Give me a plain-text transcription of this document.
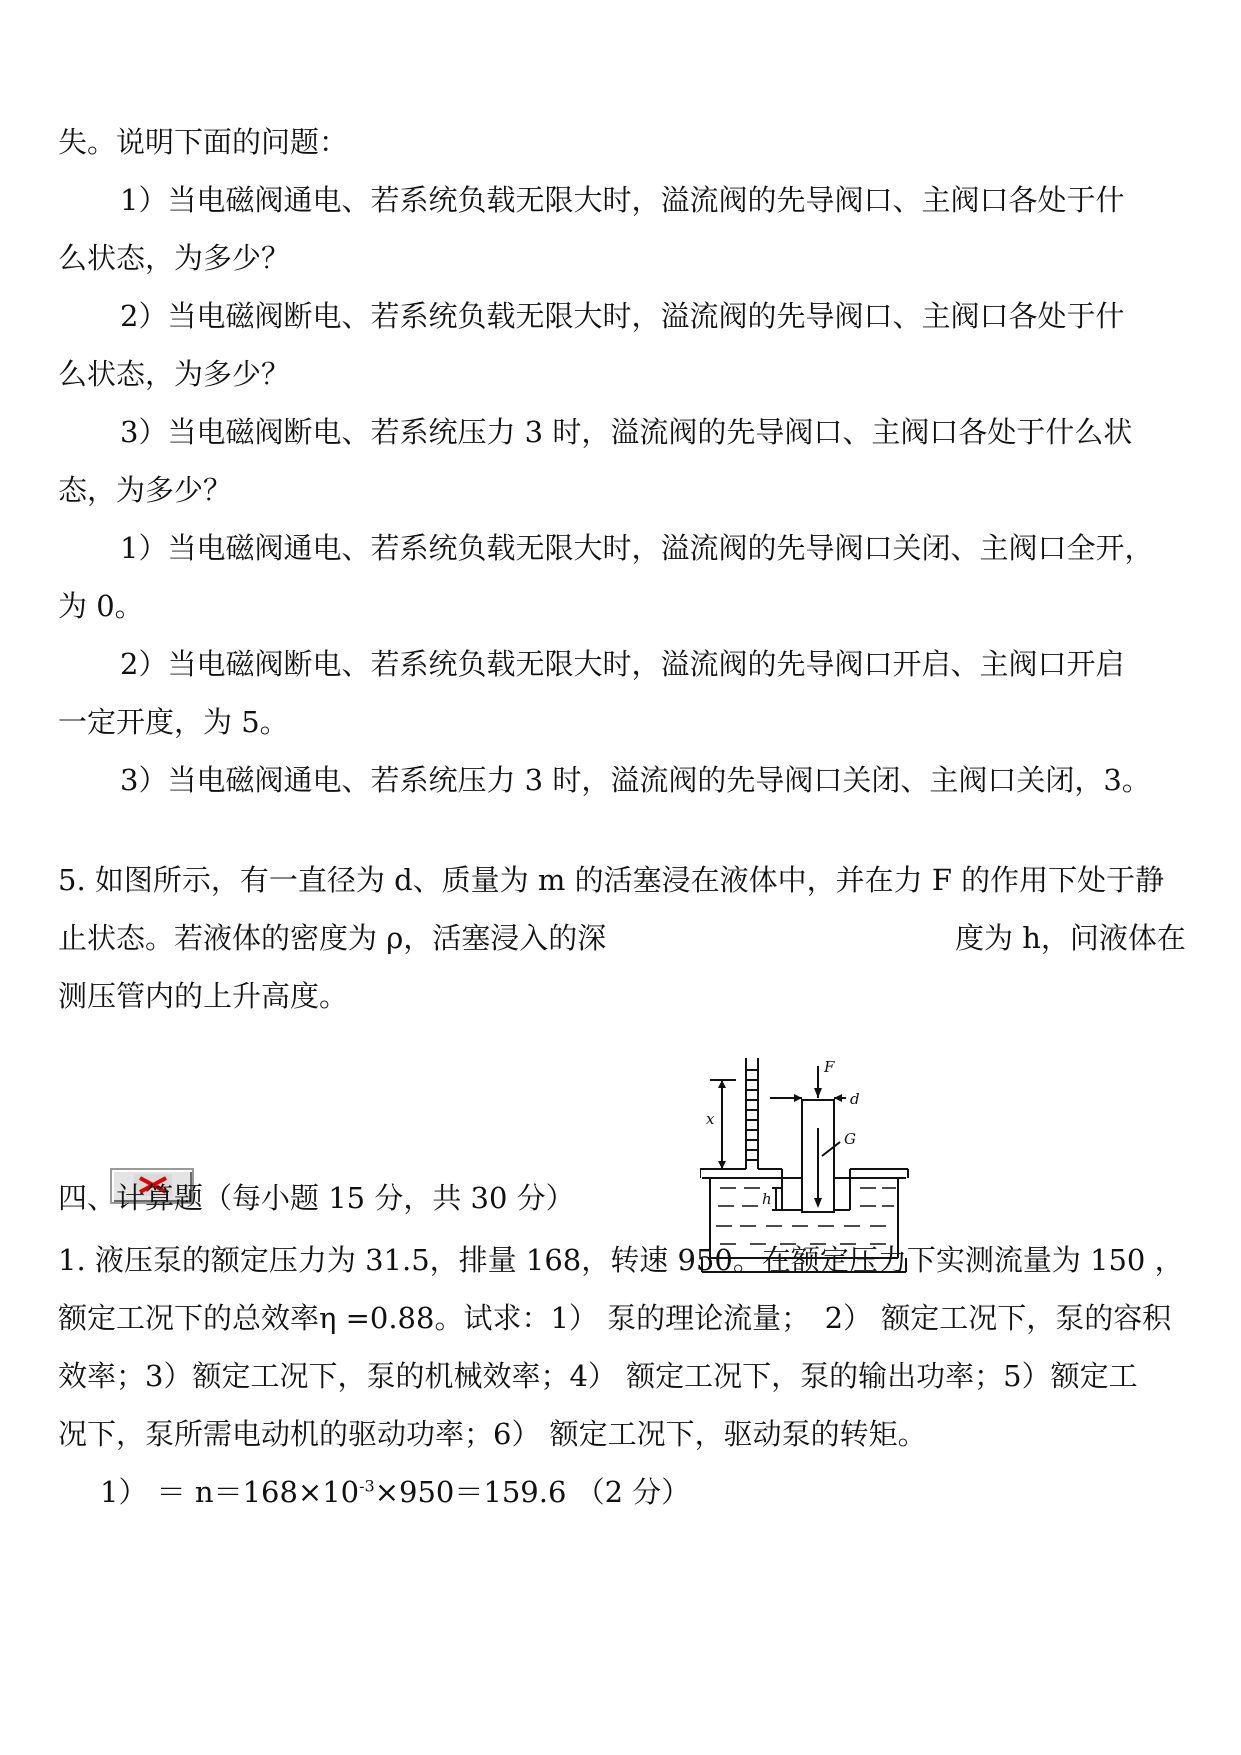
失。说明下面的问题：
1）当电磁阀通电、若系统负载无限大时，溢流阀的先导阀口、主阀口各处于什
么状态，为多少？
2）当电磁阀断电、若系统负载无限大时，溢流阀的先导阀口、主阀口各处于什
么状态，为多少？
3）当电磁阀断电、若系统压力 3 时，溢流阀的先导阀口、主阀口各处于什么状
态，为多少？
1）当电磁阀通电、若系统负载无限大时，溢流阀的先导阀口关闭、主阀口全开，
为 0。
2）当电磁阀断电、若系统负载无限大时，溢流阀的先导阀口开启、主阀口开启
一定开度，为 5。
3）当电磁阀通电、若系统压力 3 时，溢流阀的先导阀口关闭、主阀口关闭，3。
5. 如图所示，有一直径为 d、质量为 m 的活塞浸在液体中，并在力 F 的作用下处于静
止状态。若液体的密度为 ρ，活塞浸入的深	度为 h，问液体在
测压管内的上升高度。
F
d
G
x
h
四、计算题（每小题 15 分，共 30 分）
1. 液压泵的额定压力为 31.5，排量 168，转速 950。在额定压力下实测流量为 150 ，
额定工况下的总效率η =0.88。试求：1） 泵的理论流量；　2） 额定工况下，泵的容积
效率；3）额定工况下，泵的机械效率；4） 额定工况下，泵的输出功率；5）额定工
况下，泵所需电动机的驱动功率；6） 额定工况下，驱动泵的转矩。
$1) = n=168\times 10^{-3}\times 950=159.6$ （2 分）
